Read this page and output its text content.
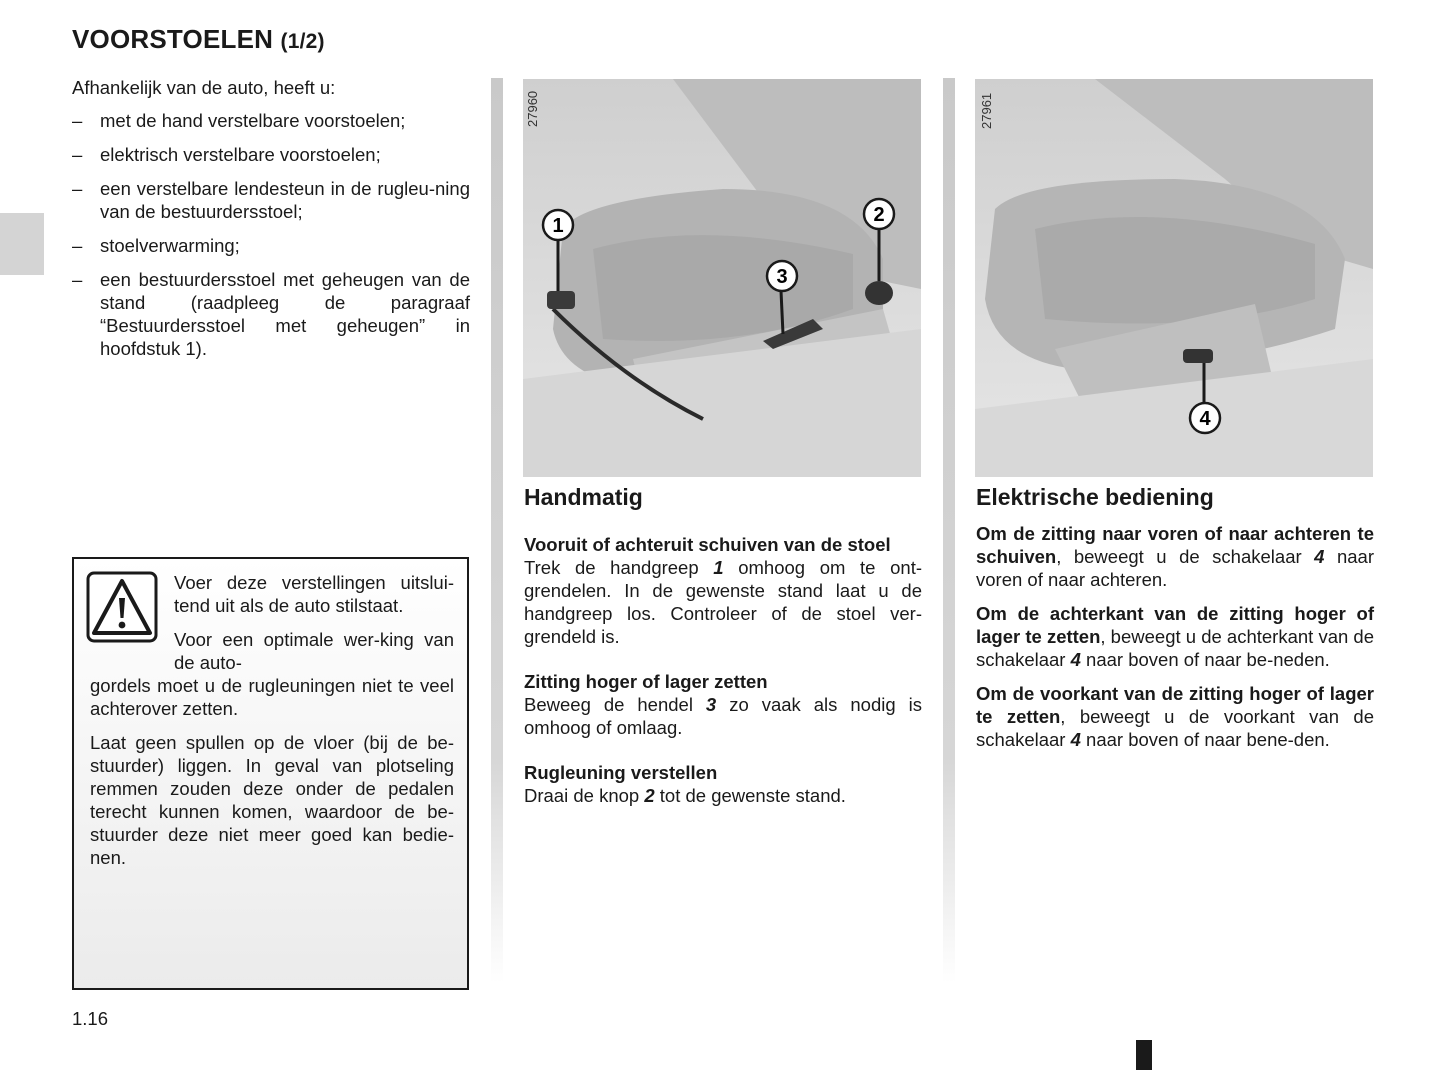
VOORSTOELEN (1/2)

Afhankelijk van de auto, heeft u:

– met de hand verstelbare voorstoelen;
– elektrisch verstelbare voorstoelen;
– een verstelbare lendesteun in de rugleu-ning van de bestuurdersstoel;
– stoelverwarming;
– een bestuurdersstoel met geheugen van de stand (raadpleeg de paragraaf “Bestuurdersstoel met geheugen” in hoofdstuk 1).

Voer deze verstellingen uitslui-tend uit als de auto stilstaat.

Voor een optimale wer-king van de auto-
gordels moet u de rugleuningen niet te veel achterover zetten.

Laat geen spullen op de vloer (bij de be-stuurder) liggen. In geval van plotseling remmen zouden deze onder de pedalen terecht kunnen komen, waardoor de be-stuurder deze niet meer goed kan bedie-nen.

27960
1	2
3
27961
4
Handmatig

Vooruit of achteruit schuiven van de stoel

Trek de handgreep 1 omhoog om te ont-grendelen. In de gewenste stand laat u de handgreep los. Controleer of de stoel ver-grendeld is.

Zitting hoger of lager zetten

Beweeg de hendel 3 zo vaak als nodig is omhoog of omlaag.

Rugleuning verstellen

Draai de knop 2 tot de gewenste stand.

Elektrische bediening

Om de zitting naar voren of naar achteren te schuiven, beweegt u de schakelaar 4 naar voren of naar achteren.

Om de achterkant van de zitting hoger of lager te zetten, beweegt u de achterkant van de schakelaar 4 naar boven of naar be-neden.

Om de voorkant van de zitting hoger of lager te zetten, beweegt u de voorkant van de schakelaar 4 naar boven of naar bene-den.

1.16
